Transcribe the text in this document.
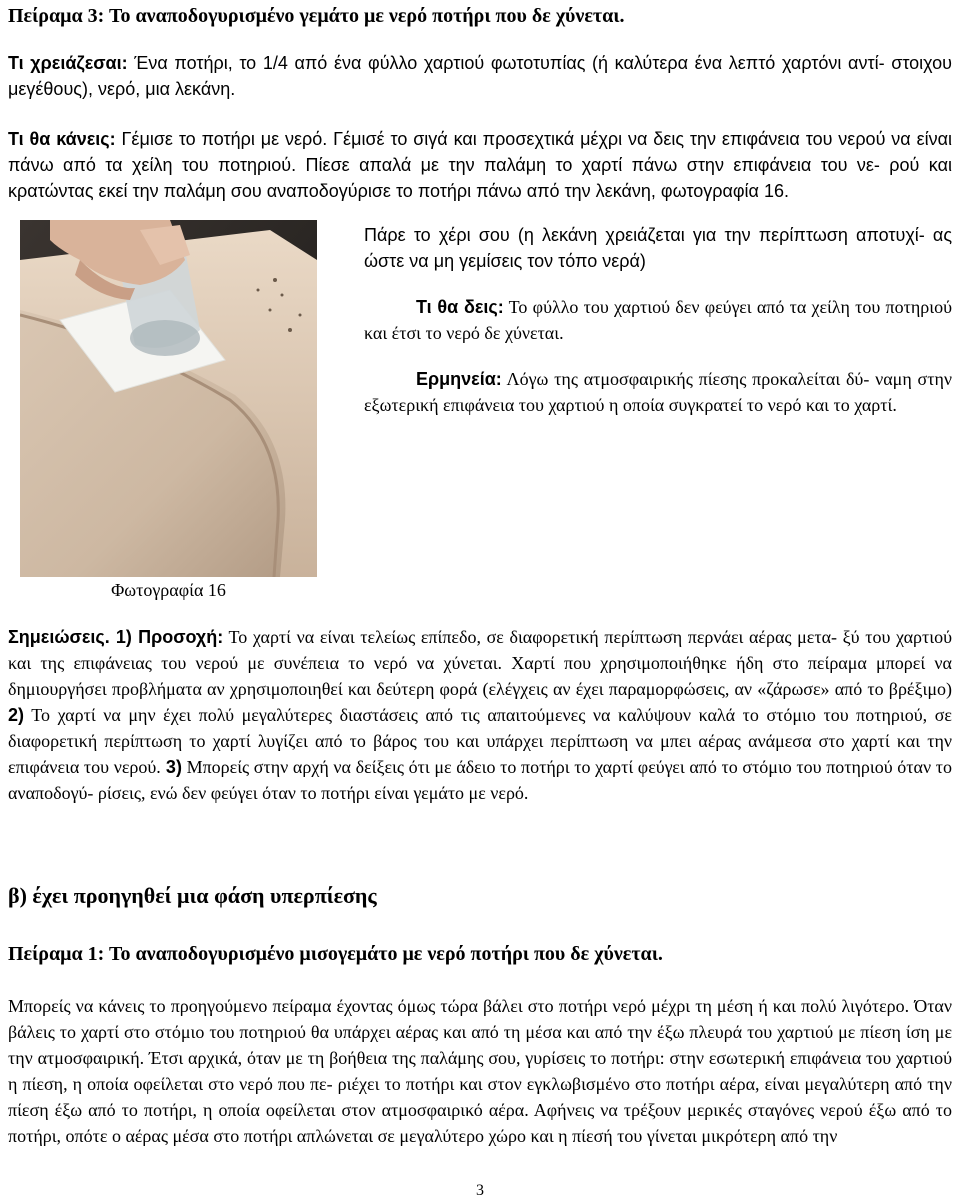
Πείραμα 3: Το αναποδογυρισμένο γεμάτο με νερό ποτήρι που δε χύνεται.
Τι χρειάζεσαι: Ένα ποτήρι, το 1/4 από ένα φύλλο χαρτιού φωτοτυπίας (ή καλύτερα ένα λεπτό χαρτόνι αντί- στοιχου μεγέθους), νερό, μια λεκάνη.
Τι θα κάνεις: Γέμισε το ποτήρι με νερό. Γέμισέ το σιγά και προσεχτικά μέχρι να δεις την επιφάνεια του νερού να είναι πάνω από τα χείλη του ποτηριού. Πίεσε απαλά με την παλάμη το χαρτί πάνω στην επιφάνεια του νε- ρού και κρατώντας εκεί την παλάμη σου αναποδογύρισε το ποτήρι πάνω από την λεκάνη, φωτογραφία 16.
Φωτογραφία 16

Πάρε το χέρι σου (η λεκάνη χρειάζεται για την περίπτωση αποτυχί- ας ώστε να μη γεμίσεις τον τόπο νερά)

Τι θα δεις: Το φύλλο του χαρτιού δεν φεύγει από τα χείλη του ποτηριού και έτσι το νερό δε χύνεται.

Ερμηνεία: Λόγω της ατμοσφαιρικής πίεσης προκαλείται δύ- ναμη στην εξωτερική επιφάνεια του χαρτιού η οποία συγκρατεί το νερό και το χαρτί.

Σημειώσεις. 1) Προσοχή: Το χαρτί να είναι τελείως επίπεδο, σε διαφορετική περίπτωση περνάει αέρας μετα- ξύ του χαρτιού και της επιφάνειας του νερού με συνέπεια το νερό να χύνεται. Χαρτί που χρησιμοποιήθηκε ήδη στο πείραμα μπορεί να δημιουργήσει προβλήματα αν χρησιμοποιηθεί και δεύτερη φορά (ελέγχεις αν έχει παραμορφώσεις, αν «ζάρωσε» από το βρέξιμο) 2) Το χαρτί να μην έχει πολύ μεγαλύτερες διαστάσεις από τις απαιτούμενες να καλύψουν καλά το στόμιο του ποτηριού, σε διαφορετική περίπτωση το χαρτί λυγίζει από το βάρος του και υπάρχει περίπτωση να μπει αέρας ανάμεσα στο χαρτί και την επιφάνεια του νερού. 3) Μπορείς στην αρχή να δείξεις ότι με άδειο το ποτήρι το χαρτί φεύγει από το στόμιο του ποτηριού όταν το αναποδογύ- ρίσεις, ενώ δεν φεύγει όταν το ποτήρι είναι γεμάτο με νερό.
β) έχει προηγηθεί μια φάση υπερπίεσης
Πείραμα 1: Το αναποδογυρισμένο μισογεμάτο με νερό ποτήρι που δε χύνεται.
Μπορείς να κάνεις το προηγούμενο πείραμα έχοντας όμως τώρα βάλει στο ποτήρι νερό μέχρι τη μέση ή και πολύ λιγότερο. Όταν βάλεις το χαρτί στο στόμιο του ποτηριού θα υπάρχει αέρας και από τη μέσα και από την έξω πλευρά του χαρτιού με πίεση ίση με την ατμοσφαιρική. Έτσι αρχικά, όταν με τη βοήθεια της παλάμης σου, γυρίσεις το ποτήρι: στην εσωτερική επιφάνεια του χαρτιού η πίεση, η οποία οφείλεται στο νερό που πε- ριέχει το ποτήρι και στον εγκλωβισμένο στο ποτήρι αέρα, είναι μεγαλύτερη από την πίεση έξω από το ποτήρι, η οποία οφείλεται στον ατμοσφαιρικό αέρα. Αφήνεις να τρέξουν μερικές σταγόνες νερού έξω από το ποτήρι, οπότε ο αέρας μέσα στο ποτήρι απλώνεται σε μεγαλύτερο χώρο και η πίεσή του γίνεται μικρότερη από την
3
